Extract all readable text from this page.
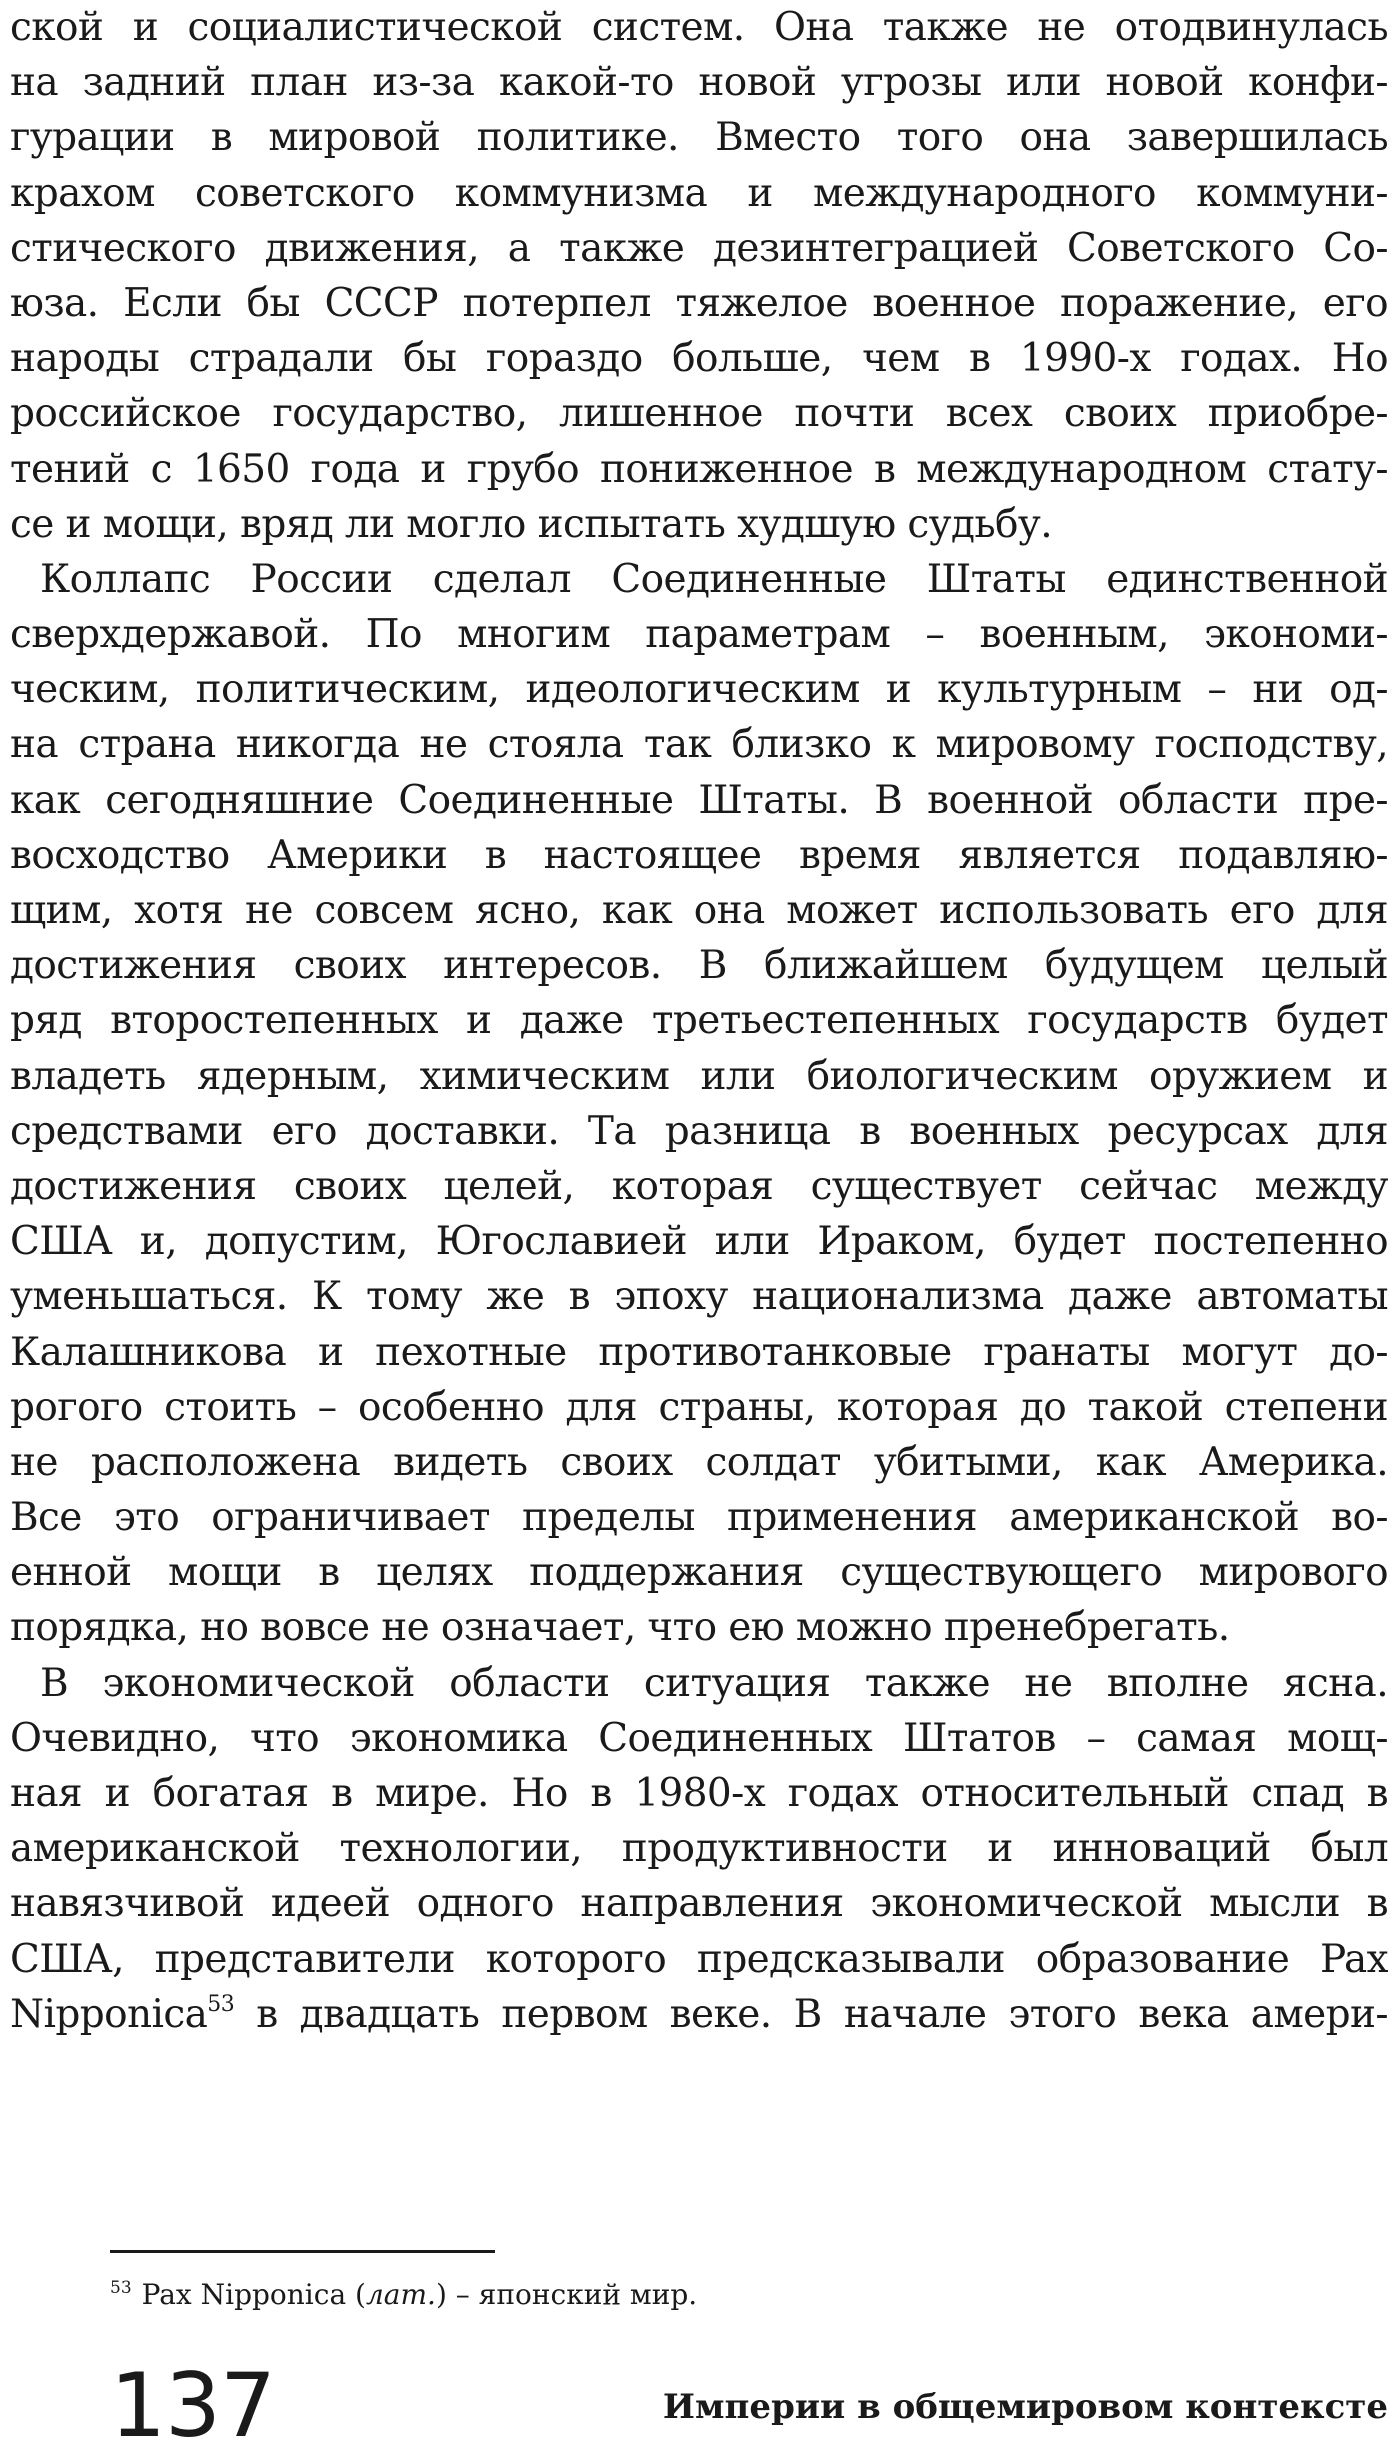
ской и социалистической систем. Она также не отодвинулась
на задний план из-за какой-то новой угрозы или новой конфи-
гурации в мировой политике. Вместо того она завершилась
крахом советского коммунизма и международного коммуни-
стического движения, а также дезинтеграцией Советского Со-
юза. Если бы СССР потерпел тяжелое военное поражение, его
народы страдали бы гораздо больше, чем в 1990-х годах. Но
российское государство, лишенное почти всех своих приобре-
тений с 1650 года и грубо пониженное в международном стату-
се и мощи, вряд ли могло испытать худшую судьбу.
Коллапс России сделал Соединенные Штаты единственной
сверхдержавой. По многим параметрам – военным, экономи-
ческим, политическим, идеологическим и культурным – ни од-
на страна никогда не стояла так близко к мировому господству,
как сегодняшние Соединенные Штаты. В военной области пре-
восходство Америки в настоящее время является подавляю-
щим, хотя не совсем ясно, как она может использовать его для
достижения своих интересов. В ближайшем будущем целый
ряд второстепенных и даже третьестепенных государств будет
владеть ядерным, химическим или биологическим оружием и
средствами его доставки. Та разница в военных ресурсах для
достижения своих целей, которая существует сейчас между
США и, допустим, Югославией или Ираком, будет постепенно
уменьшаться. К тому же в эпоху национализма даже автоматы
Калашникова и пехотные противотанковые гранаты могут до-
рогого стоить – особенно для страны, которая до такой степени
не расположена видеть своих солдат убитыми, как Америка.
Все это ограничивает пределы применения американской во-
енной мощи в целях поддержания существующего мирового
порядка, но вовсе не означает, что ею можно пренебрегать.
В экономической области ситуация также не вполне ясна.
Очевидно, что экономика Соединенных Штатов – самая мощ-
ная и богатая в мире. Но в 1980-х годах относительный спад в
американской технологии, продуктивности и инноваций был
навязчивой идеей одного направления экономической мысли в
США, представители которого предсказывали образование Pax
Nipponica$^{53}$ в двадцать первом веке. В начале этого века амери-
$^{53}$ Pax Nipponica (лат.) – японский мир.
137	Империи в общемировом контексте
